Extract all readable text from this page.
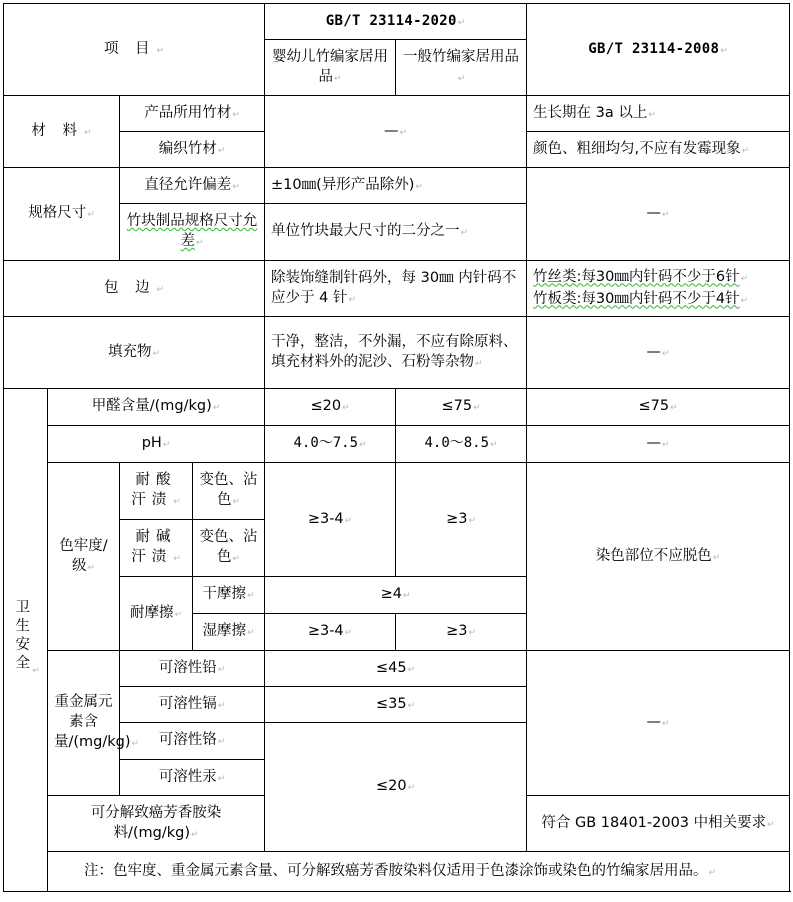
项 目 ↵				GB/T 23114-2020 ↵		GB/T 23114-2008 ↵
				婴幼儿竹编家居用品 ↵	一般竹编家居用品 ↵
材 料 ↵		产品所用竹材 ↵		— ↵		生长期在 3a 以上 ↵
		编织竹材 ↵				颜色、粗细均匀,不应有发霉现象 ↵
规格尺寸 ↵		直径允许偏差 ↵		±10㎜(异形产品除外) ↵		— ↵
		竹块制品规格尺寸允差 ↵		单位竹块最大尺寸的二分之一 ↵
包 边 ↵				除装饰缝制针码外，每 30㎜ 内针码不应少于 4 针 ↵		竹丝类:每30㎜内针码不少于6针 ↵
竹板类:每30㎜内针码不少于4针 ↵

填充物 ↵				干净，整洁，不外漏，不应有除原料、填充材料外的泥沙、石粉等杂物 ↵		— ↵
卫生安全 ↵	甲醛含量/(mg/kg) ↵			≤20 ↵	≤75 ↵	≤75 ↵
	pH ↵			4.0～7.5 ↵	4.0～8.5 ↵	— ↵
	色牢度/级 ↵	耐酸汗渍 ↵	变色、沾色 ↵	≥3-4 ↵	≥3 ↵	染色部位不应脱色 ↵
		耐碱汗渍 ↵	变色、沾色 ↵
		耐摩擦 ↵	干摩擦 ↵	≥4 ↵
			湿摩擦 ↵	≥3-4 ↵	≥3 ↵
	重金属元素含量/(mg/kg) ↵	可溶性铅 ↵		≤45 ↵		— ↵
		可溶性镉 ↵		≤35 ↵
		可溶性铬 ↵		≤20 ↵
		可溶性汞 ↵
	可分解致癌芳香胺染料/(mg/kg) ↵					符合 GB 18401-2003 中相关要求 ↵
	注：色牢度、重金属元素含量、可分解致癌芳香胺染料仅适用于色漆涂饰或染色的竹编家居用品。 ↵
